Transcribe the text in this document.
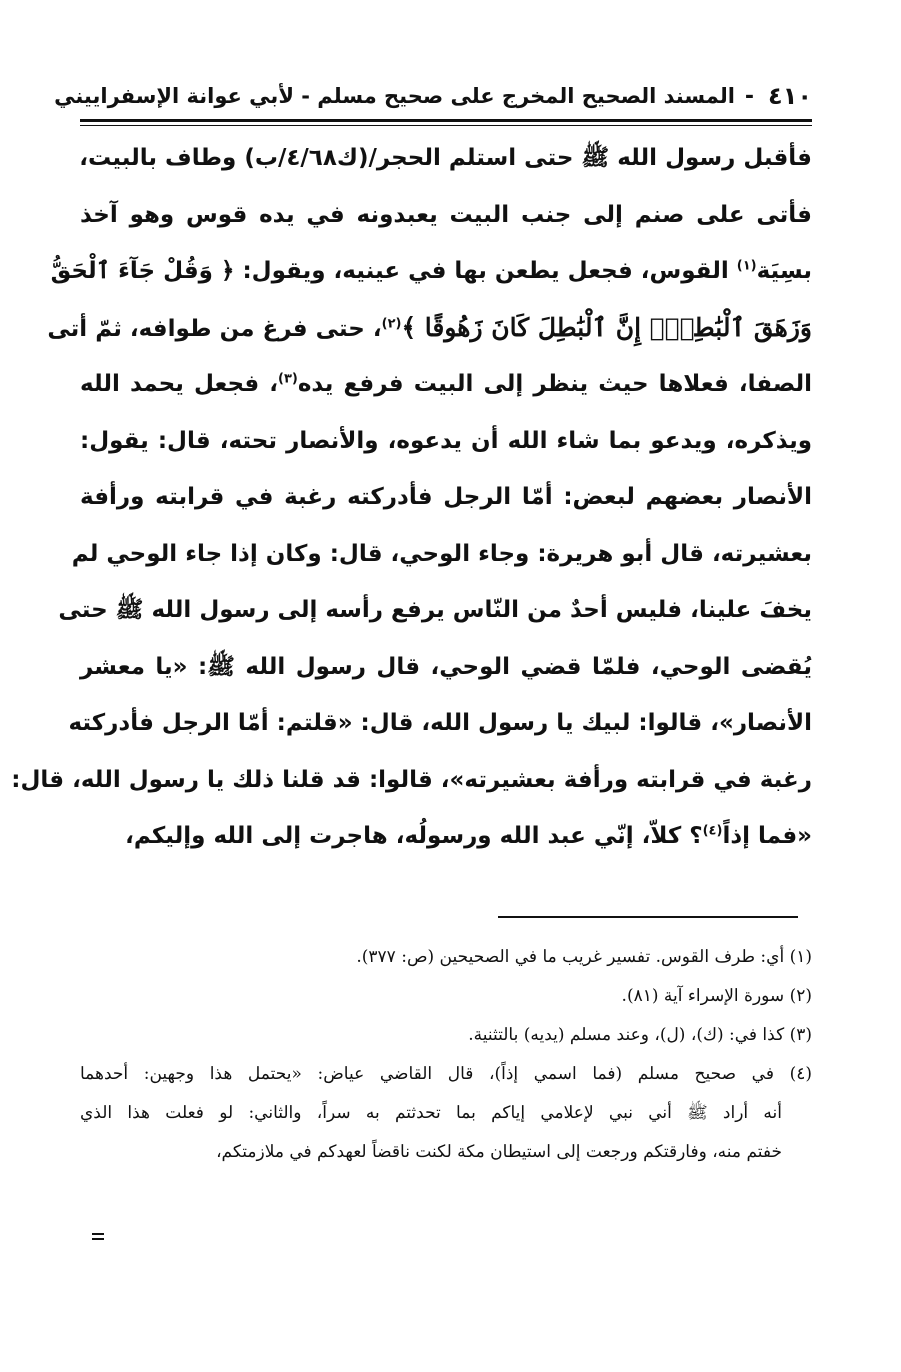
٤١٠
-
المسند الصحيح المخرج على صحيح مسلم - لأبي عوانة الإسفراييني
فأقبل رسول الله ﷺ حتى استلم الحجر/(ك٤/٦٨/ب) وطاف بالبيت،
فأتى على صنم إلى جنب البيت يعبدونه في يده قوس وهو آخذ
بسِيَة$^{(١)}$ القوس، فجعل يطعن بها في عينيه، ويقول: ﴿ وَقُلْ جَآءَ ٱلْحَقُّ
وَزَهَقَ ٱلْبَٰطِلُۚ إِنَّ ٱلْبَٰطِلَ كَانَ زَهُوقًا ﴾$^{(٢)}$، حتى فرغ من طوافه، ثمّ أتى
الصفا، فعلاها حيث ينظر إلى البيت فرفع يده$^{(٣)}$، فجعل يحمد الله
ويذكره، ويدعو بما شاء الله أن يدعوه، والأنصار تحته، قال: يقول:
الأنصار بعضهم لبعض: أمّا الرجل فأدركته رغبة في قرابته ورأفة
بعشيرته، قال أبو هريرة: وجاء الوحي، قال: وكان إذا جاء الوحي لم
يخفَ علينا، فليس أحدٌ من النّاس يرفع رأسه إلى رسول الله ﷺ حتى
يُقضى الوحي، فلمّا قضي الوحي، قال رسول الله ﷺ: «يا معشر
الأنصار»، قالوا: لبيك يا رسول الله، قال: «قلتم: أمّا الرجل فأدركته
رغبة في قرابته ورأفة بعشيرته»، قالوا: قد قلنا ذلك يا رسول الله، قال:
«فما إذاً$^{(٤)}$؟ كلاّ، إنّي عبد الله ورسولُه، هاجرت إلى الله وإليكم،
(١) أي: طرف القوس. تفسير غريب ما في الصحيحين (ص: ٣٧٧).
(٢) سورة الإسراء آية (٨١).
(٣) كذا في: (ك)، (ل)، وعند مسلم (يديه) بالتثنية.
(٤) في صحيح مسلم (فما اسمي إذاً)، قال القاضي عياض: «يحتمل هذا وجهين: أحدهما
أنه أراد ﷺ أني نبي لإعلامي إياكم بما تحدثتم به سراً، والثاني: لو فعلت هذا الذي
خفتم منه، وفارقتكم ورجعت إلى استيطان مكة لكنت ناقضاً لعهدكم في ملازمتكم،
